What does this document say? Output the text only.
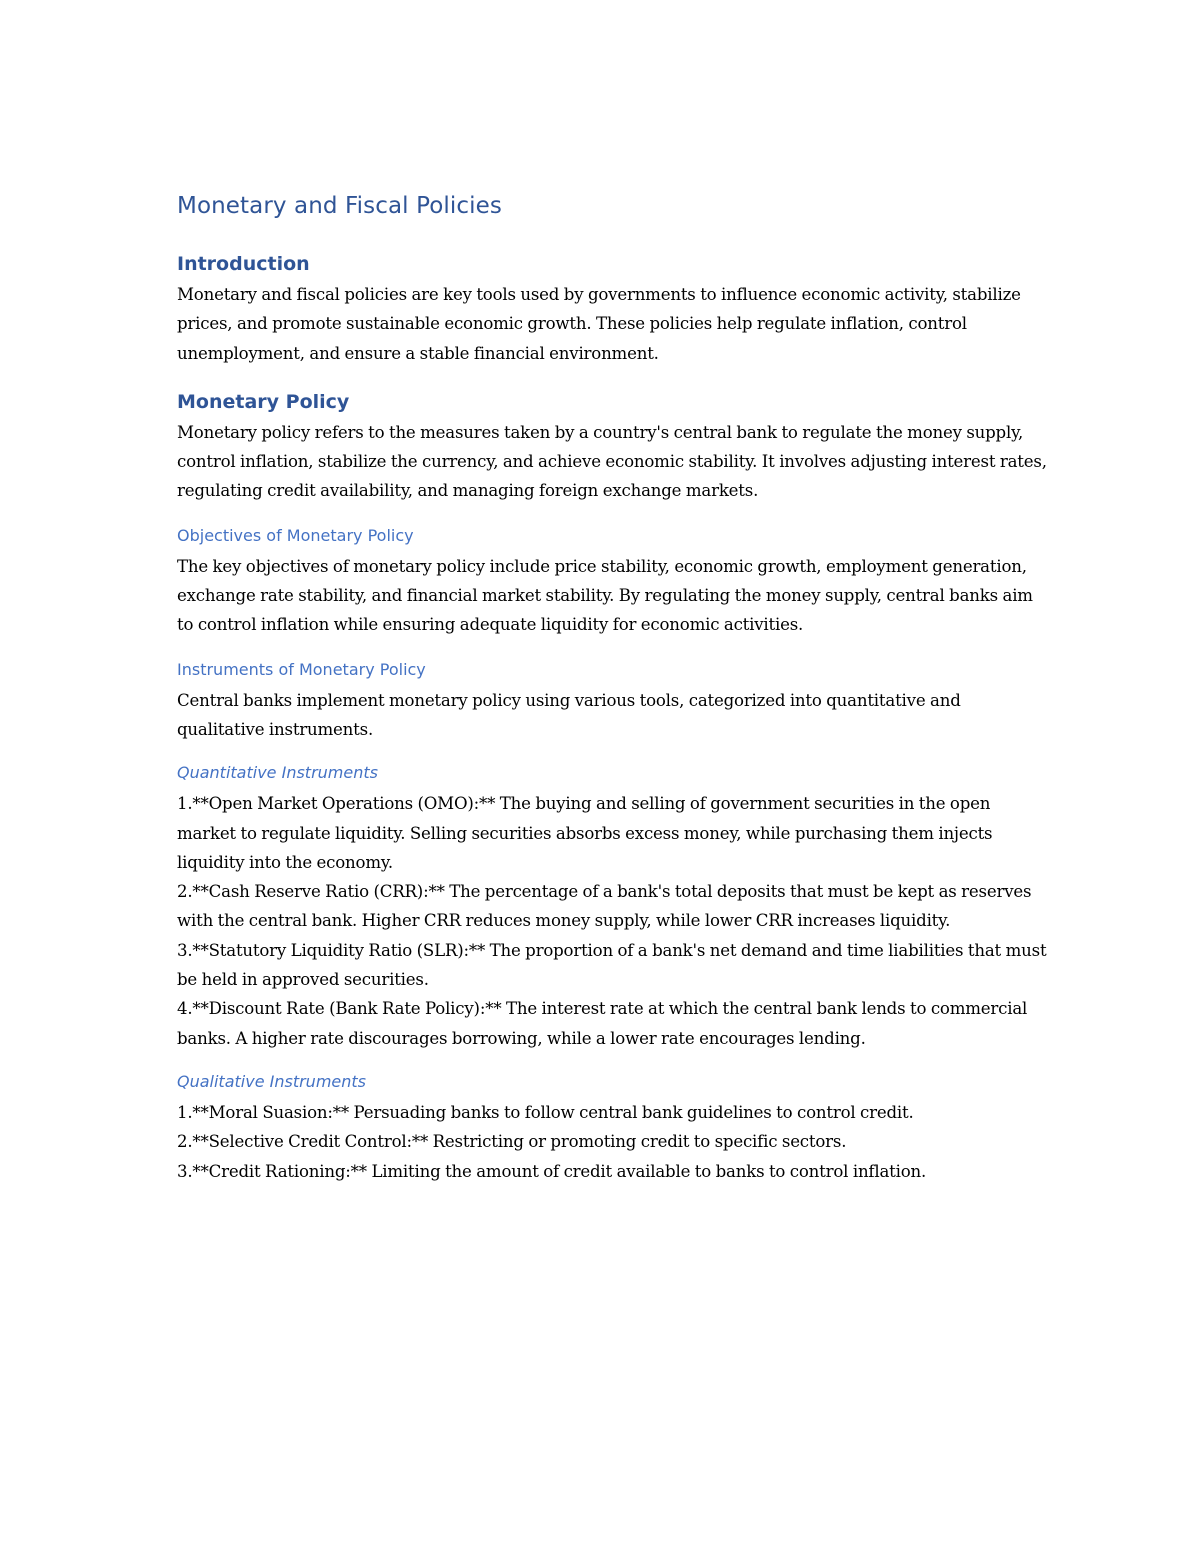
Monetary and Fiscal Policies
Introduction

Monetary and fiscal policies are key tools used by governments to influence economic activity, stabilize prices, and promote sustainable economic growth. These policies help regulate inflation, control unemployment, and ensure a stable financial environment.

Monetary Policy

Monetary policy refers to the measures taken by a country's central bank to regulate the money supply, control inflation, stabilize the currency, and achieve economic stability. It involves adjusting interest rates, regulating credit availability, and managing foreign exchange markets.

Objectives of Monetary Policy

The key objectives of monetary policy include price stability, economic growth, employment generation, exchange rate stability, and financial market stability. By regulating the money supply, central banks aim to control inflation while ensuring adequate liquidity for economic activities.

Instruments of Monetary Policy

Central banks implement monetary policy using various tools, categorized into quantitative and qualitative instruments.

Quantitative Instruments

1.**Open Market Operations (OMO):** The buying and selling of government securities in the open market to regulate liquidity. Selling securities absorbs excess money, while purchasing them injects liquidity into the economy.

2.**Cash Reserve Ratio (CRR):** The percentage of a bank's total deposits that must be kept as reserves with the central bank. Higher CRR reduces money supply, while lower CRR increases liquidity.

3.**Statutory Liquidity Ratio (SLR):** The proportion of a bank's net demand and time liabilities that must be held in approved securities.

4.**Discount Rate (Bank Rate Policy):** The interest rate at which the central bank lends to commercial banks. A higher rate discourages borrowing, while a lower rate encourages lending.

Qualitative Instruments

1.**Moral Suasion:** Persuading banks to follow central bank guidelines to control credit.

2.**Selective Credit Control:** Restricting or promoting credit to specific sectors.

3.**Credit Rationing:** Limiting the amount of credit available to banks to control inflation.
